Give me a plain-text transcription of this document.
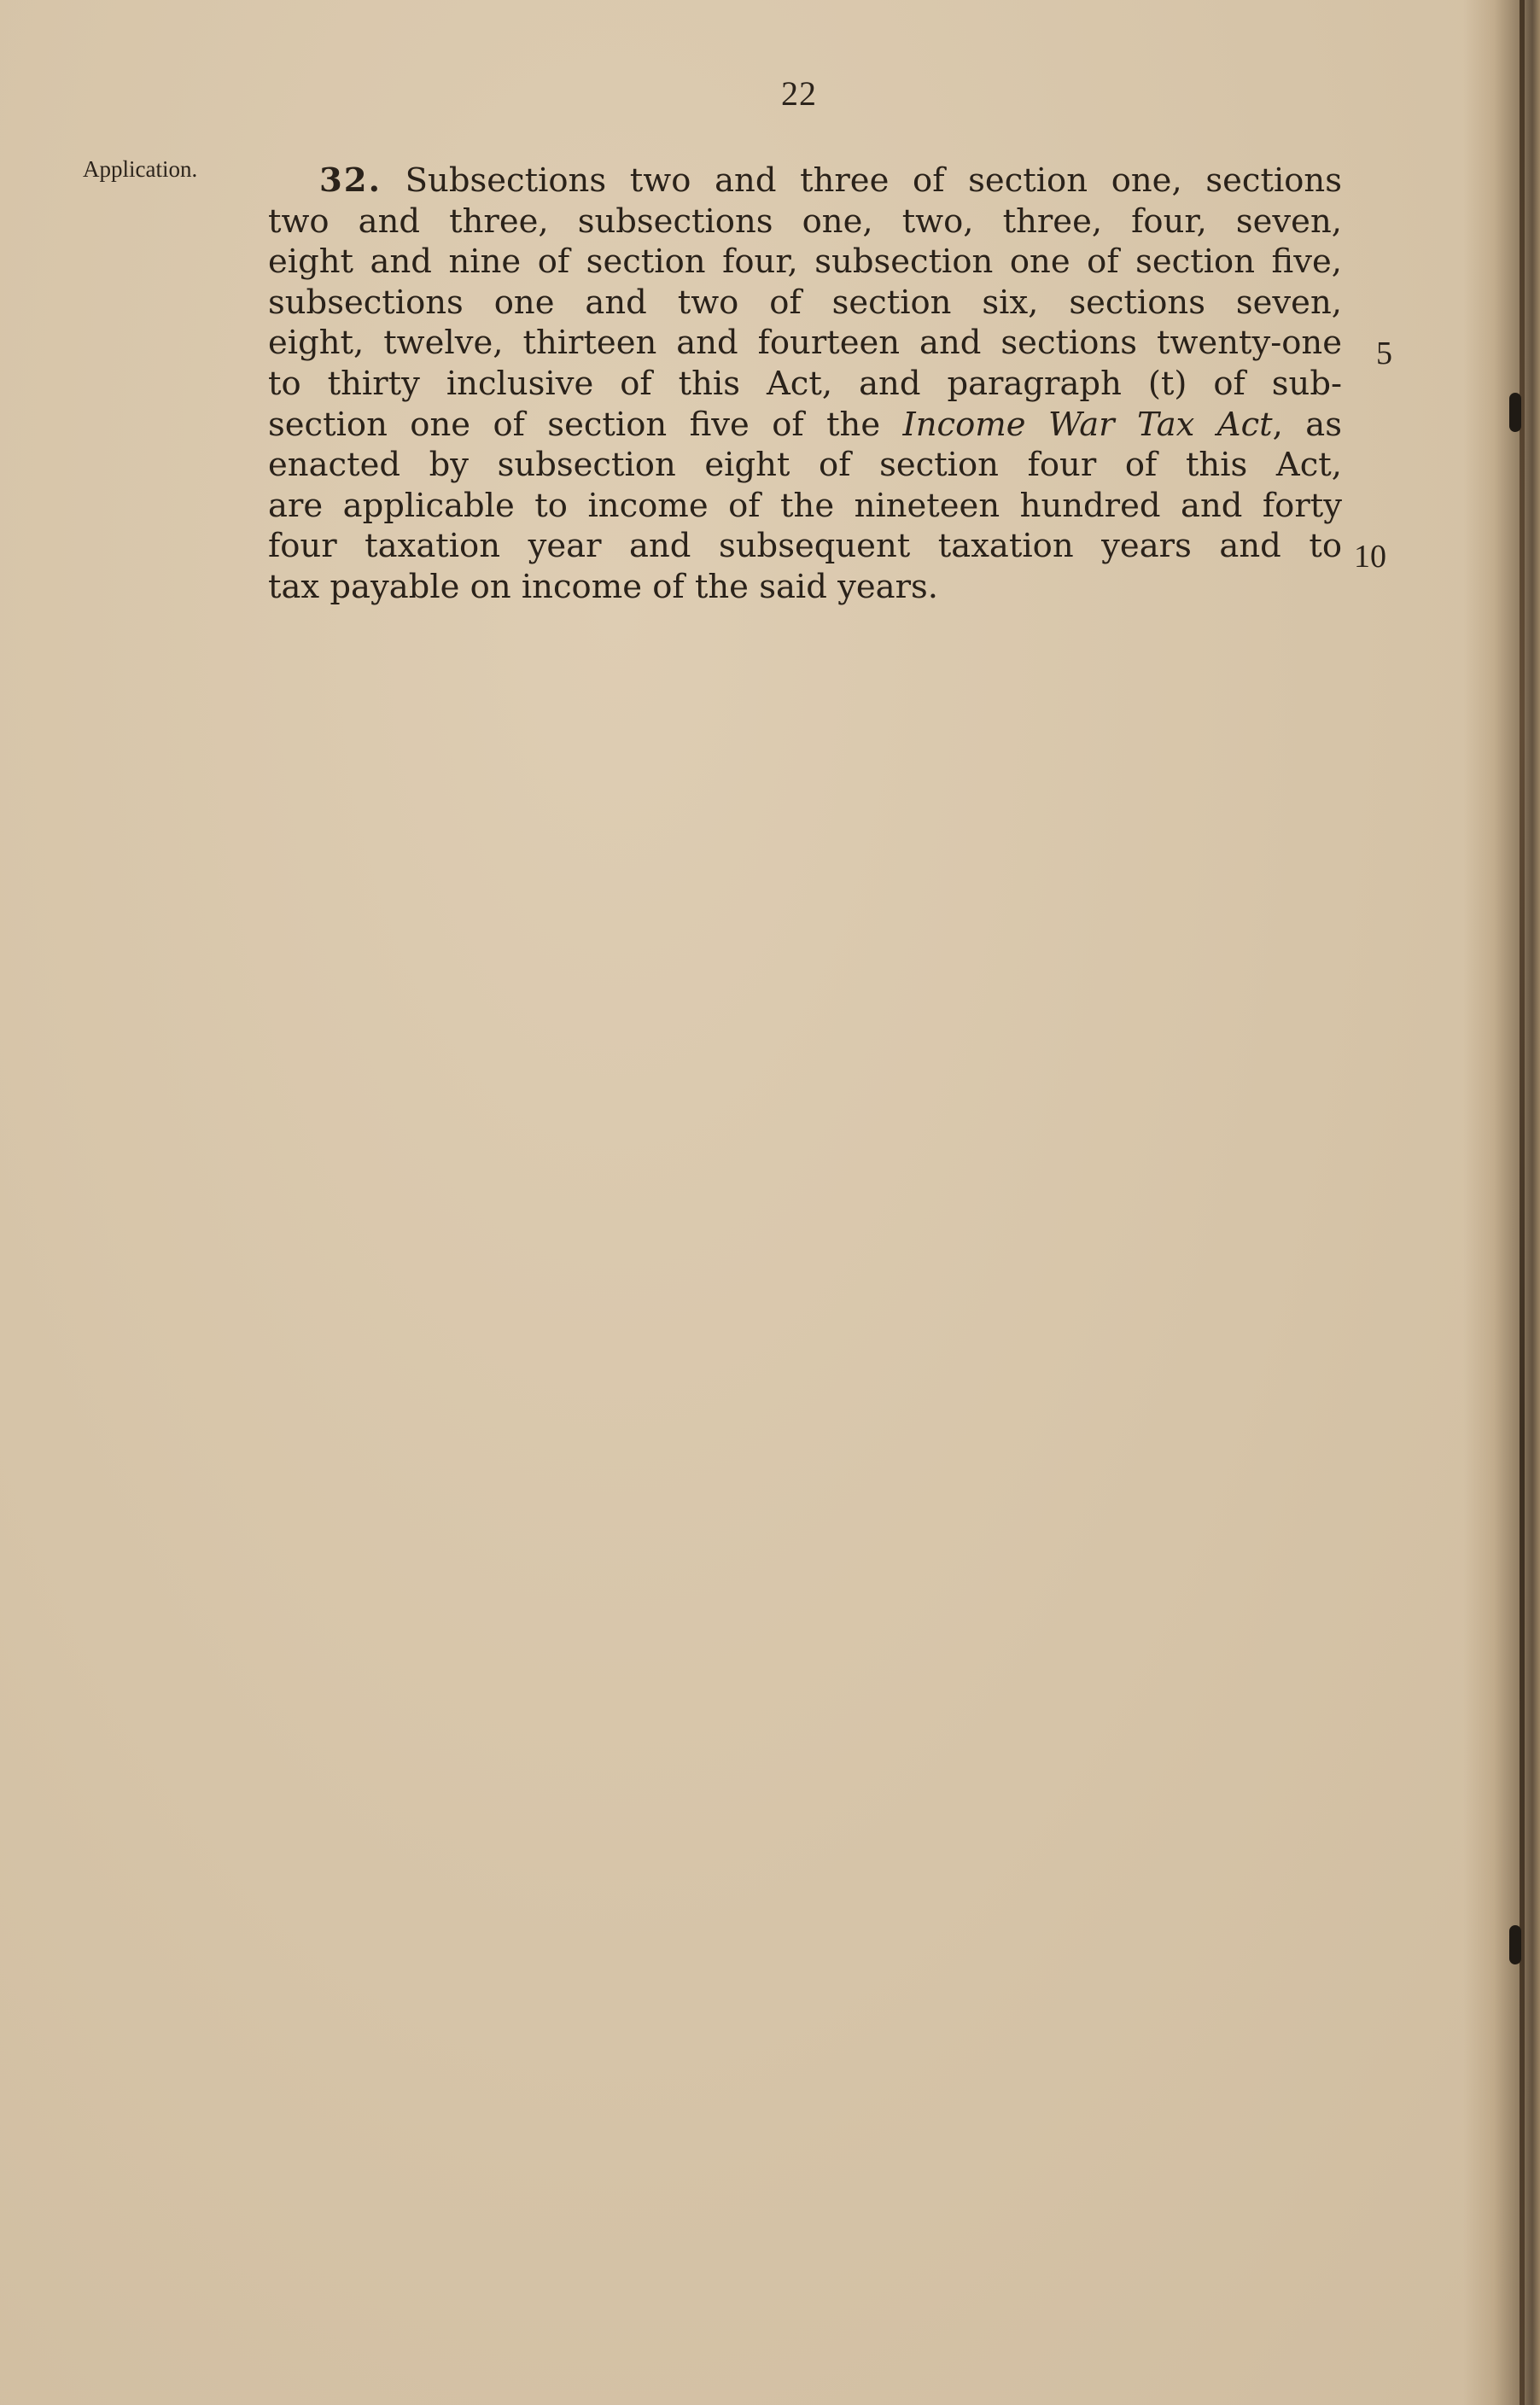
22
Application.	32. Subsections two and three of section one, sections
two and three, subsections one, two, three, four, seven,
eight and nine of section four, subsection one of section five,
subsections one and two of section six, sections seven,
eight, twelve, thirteen and fourteen and sections twenty-one
to thirty inclusive of this Act, and paragraph (t) of sub-
section one of section five of the Income War Tax Act, as
enacted by subsection eight of section four of this Act,
are applicable to income of the nineteen hundred and forty
four taxation year and subsequent taxation years and to
tax payable on income of the said years.
5
10
